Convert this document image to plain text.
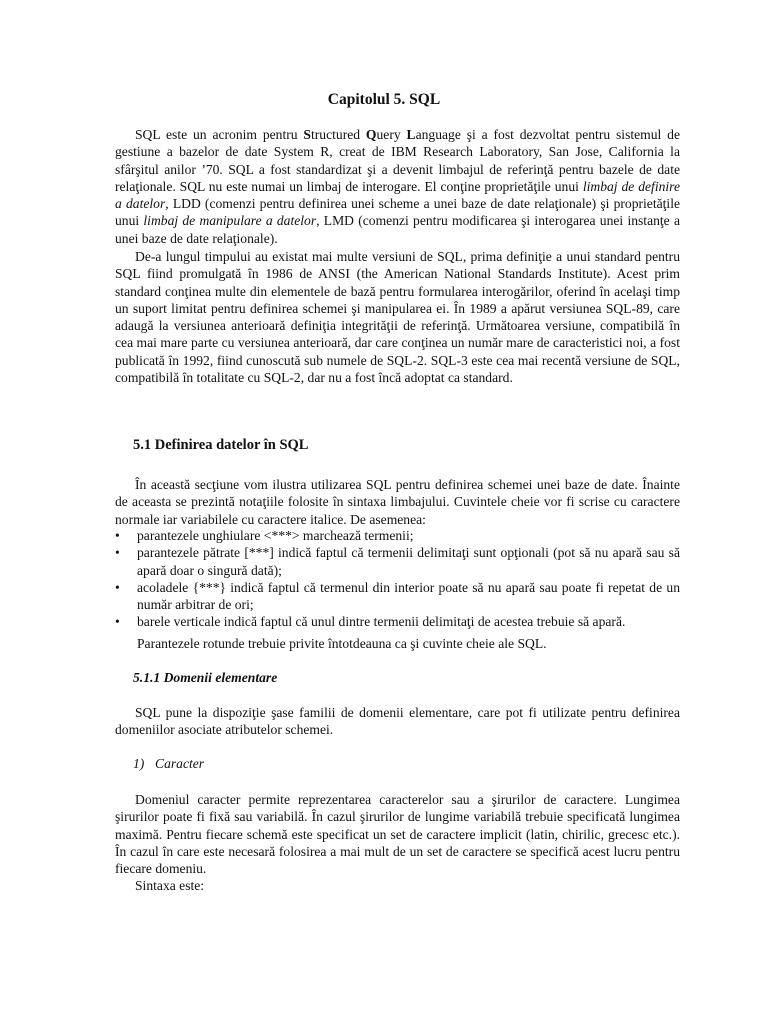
Capitolul 5. SQL

SQL este un acronim pentru Structured Query Language şi a fost dezvoltat pentru sistemul de gestiune a bazelor de date System R, creat de IBM Research Laboratory, San Jose, California la sfârşitul anilor ’70. SQL a fost standardizat şi a devenit limbajul de referinţă pentru bazele de date relaţionale. SQL nu este numai un limbaj de interogare. El conţine proprietăţile unui limbaj de definire a datelor, LDD (comenzi pentru definirea unei scheme a unei baze de date relaţionale) şi proprietăţile unui limbaj de manipulare a datelor, LMD (comenzi pentru modificarea şi interogarea unei instanţe a unei baze de date relaţionale).

De-a lungul timpului au existat mai multe versiuni de SQL, prima definiţie a unui standard pentru SQL fiind promulgată în 1986 de ANSI (the American National Standards Institute). Acest prim standard conţinea multe din elementele de bază pentru formularea interogărilor, oferind în acelaşi timp un suport limitat pentru definirea schemei şi manipularea ei. În 1989 a apărut versiunea SQL-89, care adaugă la versiunea anterioară definiţia integrităţii de referinţă. Următoarea versiune, compatibilă în cea mai mare parte cu versiunea anterioară, dar care conţinea un număr mare de caracteristici noi, a fost publicată în 1992, fiind cunoscută sub numele de SQL-2. SQL-3 este cea mai recentă versiune de SQL, compatibilă în totalitate cu SQL-2, dar nu a fost încă adoptat ca standard.

5.1 Definirea datelor în SQL

În această secţiune vom ilustra utilizarea SQL pentru definirea schemei unei baze de date. Înainte de aceasta se prezintă notaţiile folosite în sintaxa limbajului. Cuvintele cheie vor fi scrise cu caractere normale iar variabilele cu caractere italice. De asemenea:

• parantezele unghiulare <***> marchează termenii;
• parantezele pătrate [***] indică faptul că termenii delimitaţi sunt opţionali (pot să nu apară sau să apară doar o singură dată);
• acoladele {***} indică faptul că termenul din interior poate să nu apară sau poate fi repetat de un număr arbitrar de ori;
• barele verticale indică faptul că unul dintre termenii delimitaţi de acestea trebuie să apară.

Parantezele rotunde trebuie privite întotdeauna ca şi cuvinte cheie ale SQL.

5.1.1 Domenii elementare

SQL pune la dispoziţie şase familii de domenii elementare, care pot fi utilizate pentru definirea domeniilor asociate atributelor schemei.

1) Caracter

Domeniul caracter permite reprezentarea caracterelor sau a şirurilor de caractere. Lungimea şirurilor poate fi fixă sau variabilă. În cazul şirurilor de lungime variabilă trebuie specificată lungimea maximă. Pentru fiecare schemă este specificat un set de caractere implicit (latin, chirilic, grecesc etc.). În cazul în care este necesară folosirea a mai mult de un set de caractere se specifică acest lucru pentru fiecare domeniu.

Sintaxa este:
